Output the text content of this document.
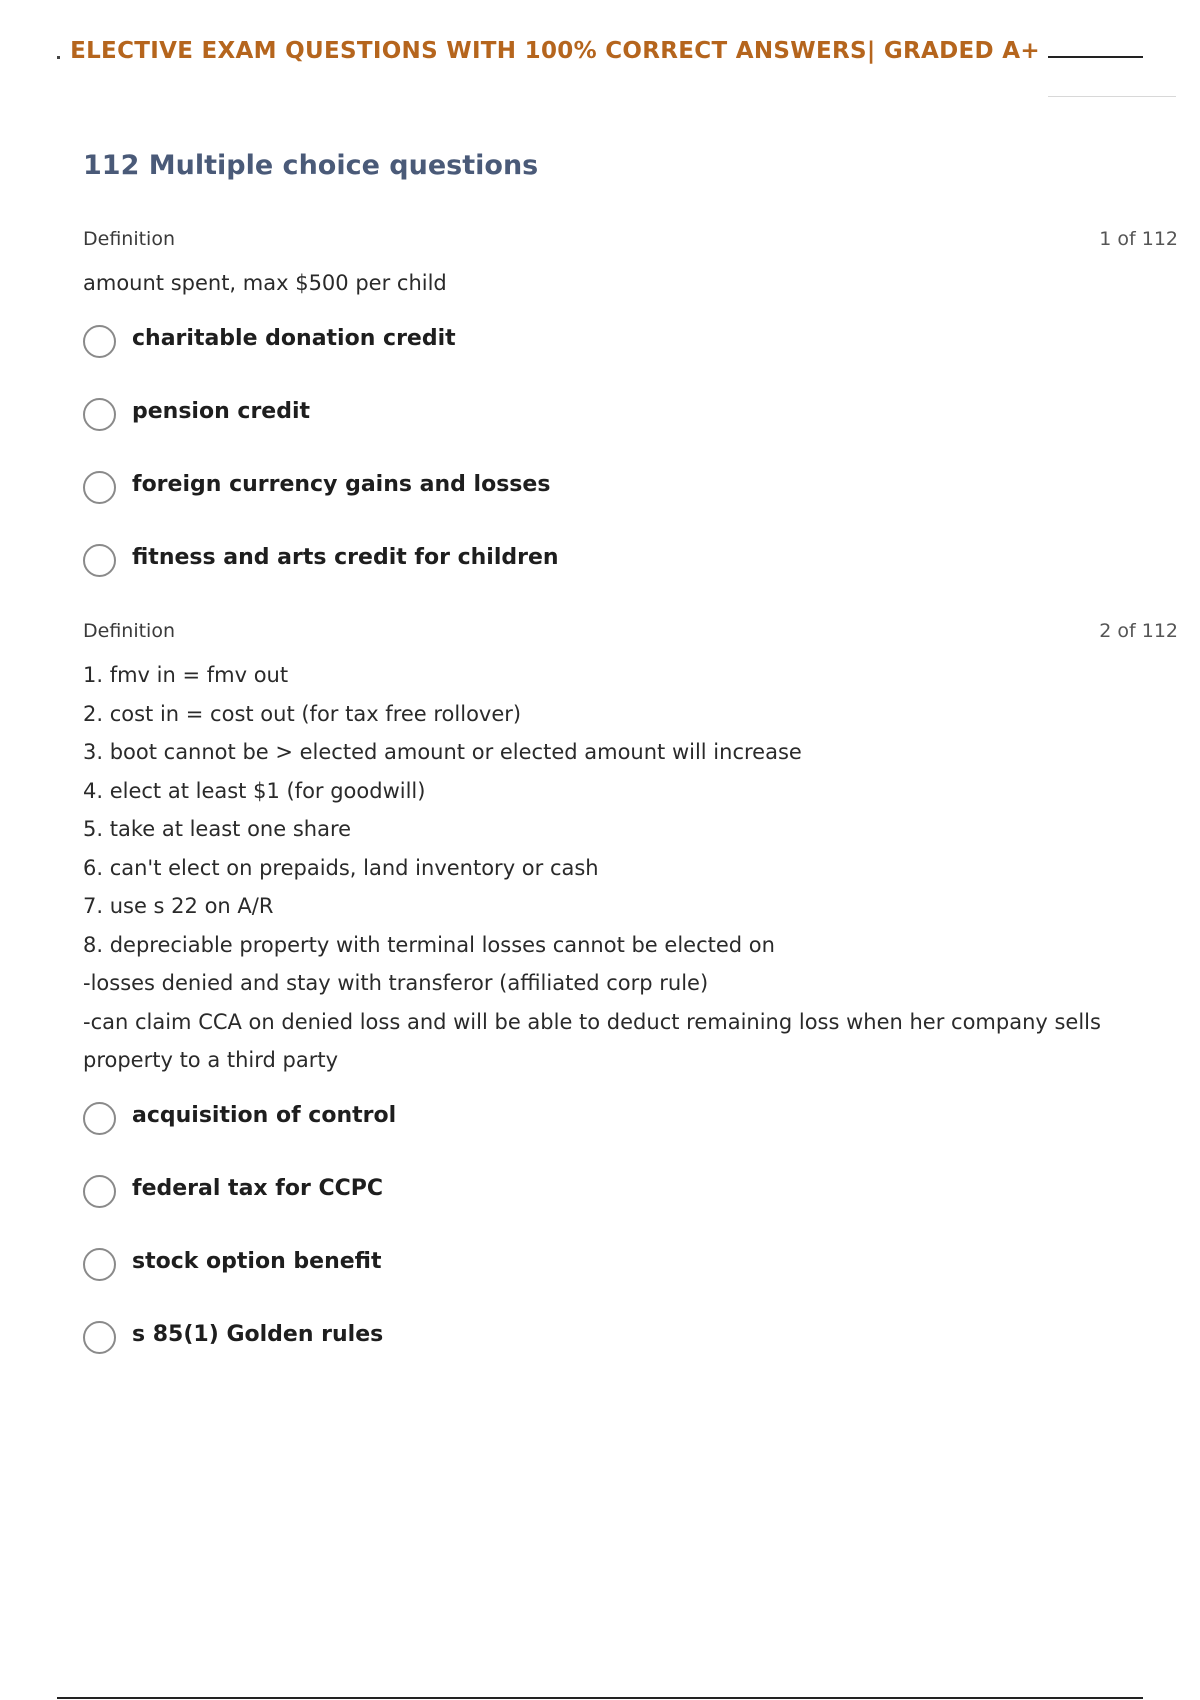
ELECTIVE EXAM QUESTIONS WITH 100% CORRECT ANSWERS| GRADED A+
112 Multiple choice questions
Definition	1 of 112
amount spent, max $500 per child
charitable donation credit
pension credit
foreign currency gains and losses
fitness and arts credit for children
Definition	2 of 112
1. fmv in = fmv out
2. cost in = cost out (for tax free rollover)
3. boot cannot be > elected amount or elected amount will increase
4. elect at least $1 (for goodwill)
5. take at least one share
6. can't elect on prepaids, land inventory or cash
7. use s 22 on A/R
8. depreciable property with terminal losses cannot be elected on
-losses denied and stay with transferor (affiliated corp rule)
-can claim CCA on denied loss and will be able to deduct remaining loss when her company sells
property to a third party
acquisition of control
federal tax for CCPC
stock option benefit
s 85(1) Golden rules
